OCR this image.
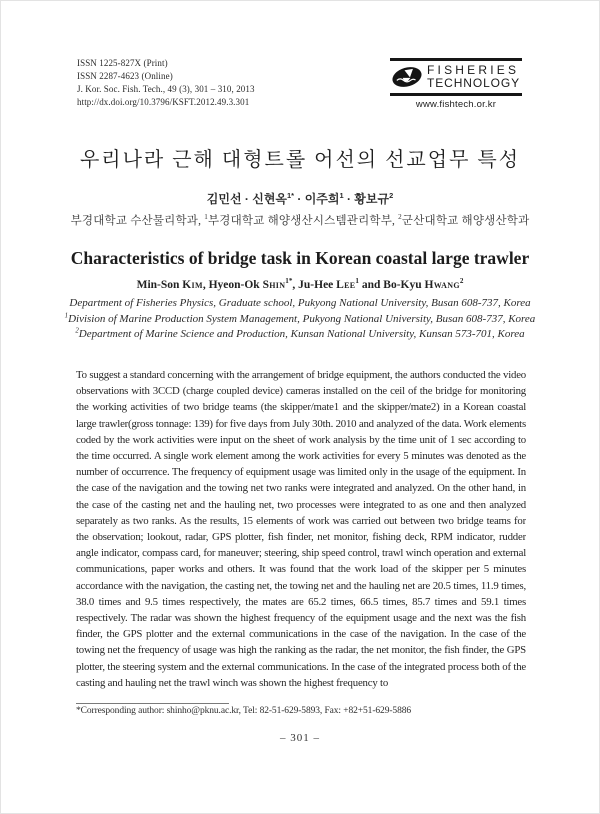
ISSN 1225-827X (Print)
ISSN 2287-4623 (Online)
J. Kor. Soc. Fish. Tech., 49 (3), 301 – 310, 2013
http://dx.doi.org/10.3796/KSFT.2012.49.3.301
FISHERIES
TECHNOLOGY
www.fishtech.or.kr
우리나라 근해 대형트롤 어선의 선교업무 특성
김민선 · 신현옥$^{1*}$ · 이주희$^1$ · 황보규$^2$
부경대학교 수산물리학과, $^1$부경대학교 해양생산시스템관리학부, $^2$군산대학교 해양생산학과
Characteristics of bridge task in Korean coastal large trawler
Min-Son Kim, Hyeon-Ok Shin$^{1*}$, Ju-Hee Lee$^1$ and Bo-Kyu Hwang$^2$
Department of Fisheries Physics, Graduate school, Pukyong National University, Busan 608-737, Korea
$^1$Division of Marine Production System Management, Pukyong National University, Busan 608-737, Korea
$^2$Department of Marine Science and Production, Kunsan National University, Kunsan 573-701, Korea
To suggest a standard concerning with the arrangement of bridge equipment, the authors conducted the video observations with 3CCD (charge coupled device) cameras installed on the ceil of the bridge for monitoring the working activities of two bridge teams (the skipper/mate1 and the skipper/mate2) in a Korean coastal large trawler(gross tonnage: 139) for five days from July 30th. 2010 and analyzed of the data. Work elements coded by the work activities were input on the sheet of work analysis by the time unit of 1 sec according to the time occurred. A single work element among the work activities for every 5 minutes was denoted as the number of occurrence. The frequency of equipment usage was limited only in the usage of the equipment. In the case of the navigation and the towing net two ranks were integrated and analyzed. On the other hand, in the case of the casting net and the hauling net, two processes were integrated to as one and then analyzed separately as two ranks. As the results, 15 elements of work was carried out between two bridge teams for the observation; lookout, radar, GPS plotter, fish finder, net monitor, fishing deck, RPM indicator, rudder angle indicator, compass card, for maneuver; steering, ship speed control, trawl winch operation and external communications, paper works and others. It was found that the work load of the skipper per 5 minutes accordance with the navigation, the casting net, the towing net and the hauling net are 20.5 times, 11.9 times, 38.0 times and 9.5 times respectively, the mates are 65.2 times, 66.5 times, 85.7 times and 59.1 times respectively. The radar was shown the highest frequency of the equipment usage and the next was the fish finder, the GPS plotter and the external communications in the case of the navigation. In the case of the towing net the frequency of usage was high the ranking as the radar, the net monitor, the fish finder, the GPS plotter, the steering system and the external communications. In the case of the integrated process both of the casting and hauling net the trawl winch was shown the highest frequency to
*Corresponding author: shinho@pknu.ac.kr, Tel: 82-51-629-5893, Fax: +82+51-629-5886
– 301 –
